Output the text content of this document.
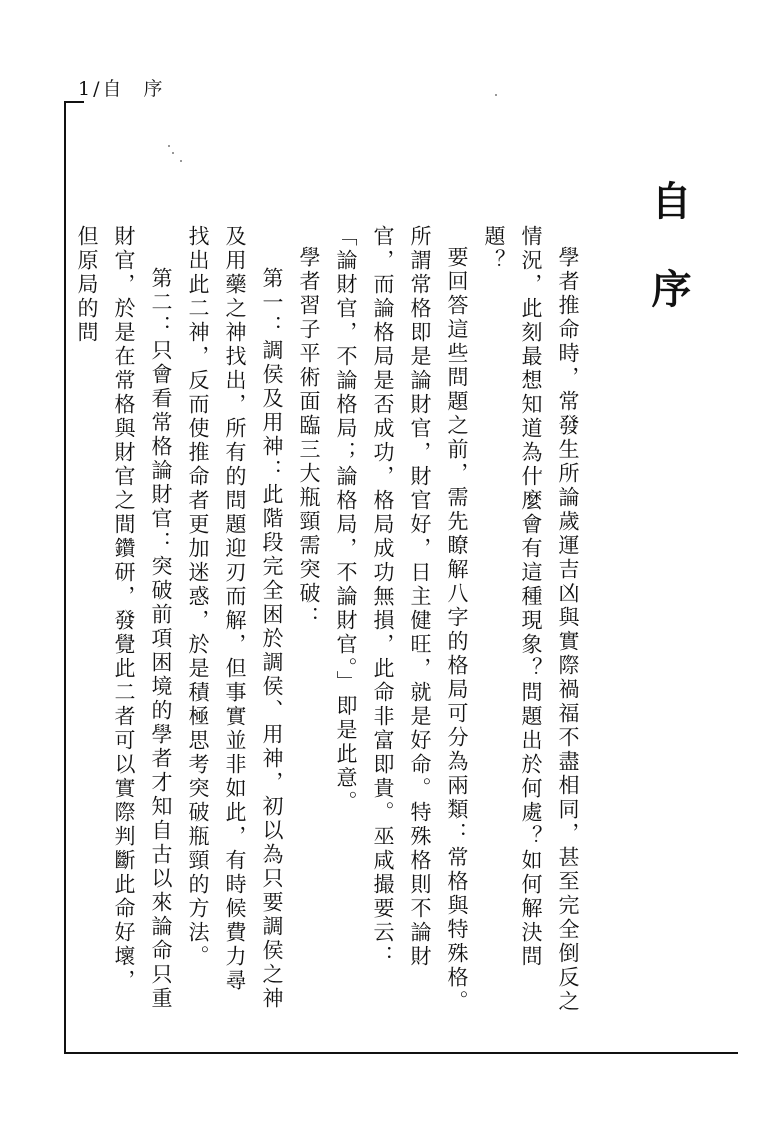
1/自 序
自序

學者推命時，常發生所論歲運吉凶與實際禍福不盡相同，甚至完全倒反之情況，此刻最想知道為什麼會有這種現象？問題出於何處？如何解決問題？

要回答這些問題之前，需先瞭解八字的格局可分為兩類：常格與特殊格。所謂常格即是論財官，財官好，日主健旺，就是好命。特殊格則不論財官，而論格局是否成功，格局成功無損，此命非富即貴。巫咸撮要云：「論財官，不論格局；論格局，不論財官。」即是此意。

學者習子平術面臨三大瓶頸需突破：

第一：調侯及用神：此階段完全困於調侯、用神，初以為只要調侯之神及用藥之神找出，所有的問題迎刃而解，但事實並非如此，有時候費力尋找出此二神，反而使推命者更加迷惑，於是積極思考突破瓶頸的方法。

第二：只會看常格論財官：突破前項困境的學者才知自古以來論命只重財官，於是在常格與財官之間鑽研，發覺此二者可以實際判斷此命好壞，但原局的問
